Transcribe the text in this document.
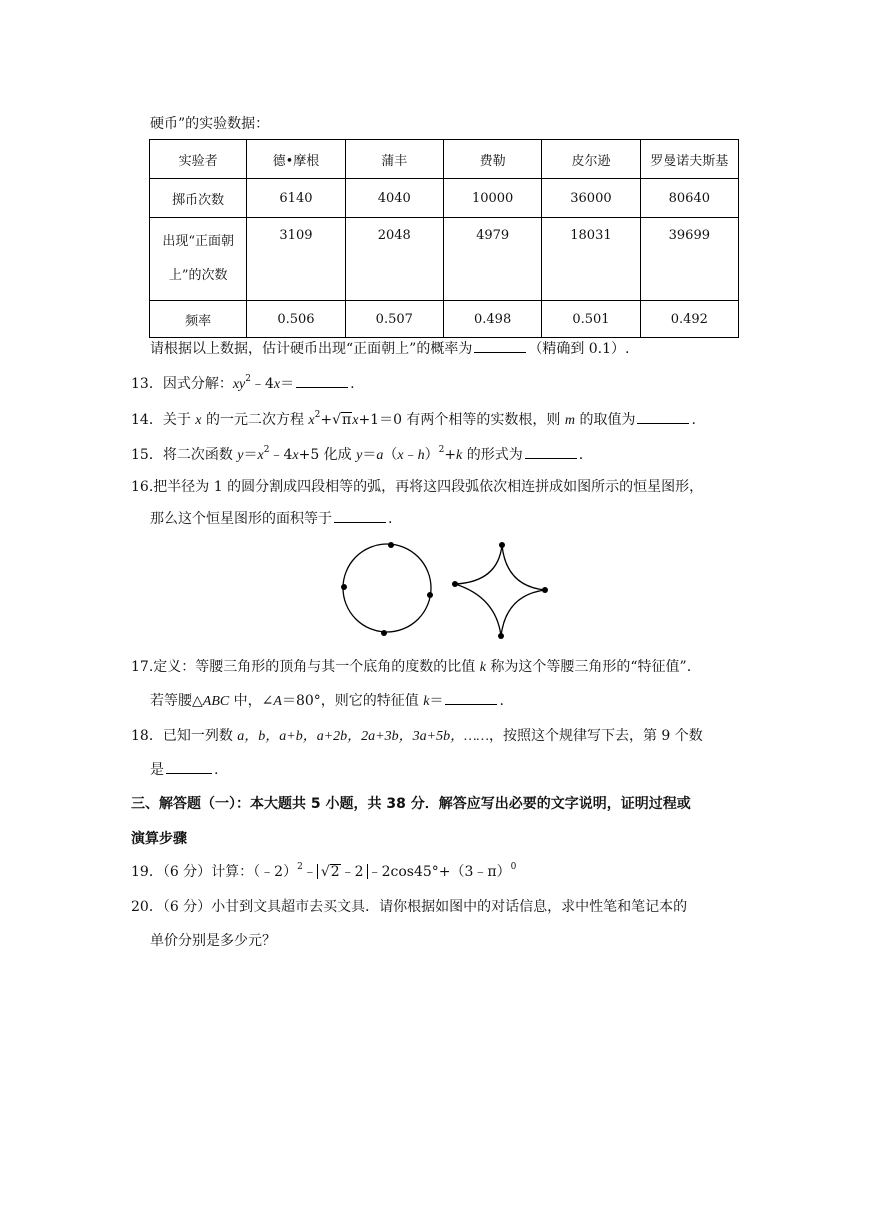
硬币”的实验数据：
实验者	德•摩根	蒲丰	费勒	皮尔逊	罗曼诺夫斯基
掷币次数	6140	4040	10000	36000	80640

出现“正面朝
上”的次数	3109	2048	4979	18031	39699
频率	0.506	0.507	0.498	0.501	0.492
请根据以上数据，估计硬币出现“正面朝上”的概率为	（精确到 0.1）.
13．因式分解：$xy^2﹣4x=$	.
14．关于 x 的一元二次方程 $x^2+√\pi x+1=0$ 有两个相等的实数根，则 m 的取值为	.
15．将二次函数 $y=x^2﹣4x+5$ 化成 y＝a（x﹣h）$^2$+k 的形式为	.
16.把半径为 1 的圆分割成四段相等的弧，再将这四段弧依次相连拼成如图所示的恒星图形，
那么这个恒星图形的面积等于	.
17.定义：等腰三角形的顶角与其一个底角的度数的比值 k 称为这个等腰三角形的“特征值”.
若等腰△ABC 中，∠A＝80°，则它的特征值 k＝	.
18．已知一列数 a，b，a+b，a+2b，2a+3b，3a+5b，……，按照这个规律写下去，第 9 个数
是	.
三、解答题（一）：本大题共 5 小题，共 38 分．解答应写出必要的文字说明，证明过程或
演算步骤
19．（6 分）计算：（﹣2）$^2$﹣ √2﹣2 ﹣2cos45°+（3﹣π）$^0$
20．（6 分）小甘到文具超市去买文具．请你根据如图中的对话信息，求中性笔和笔记本的
单价分别是多少元？
